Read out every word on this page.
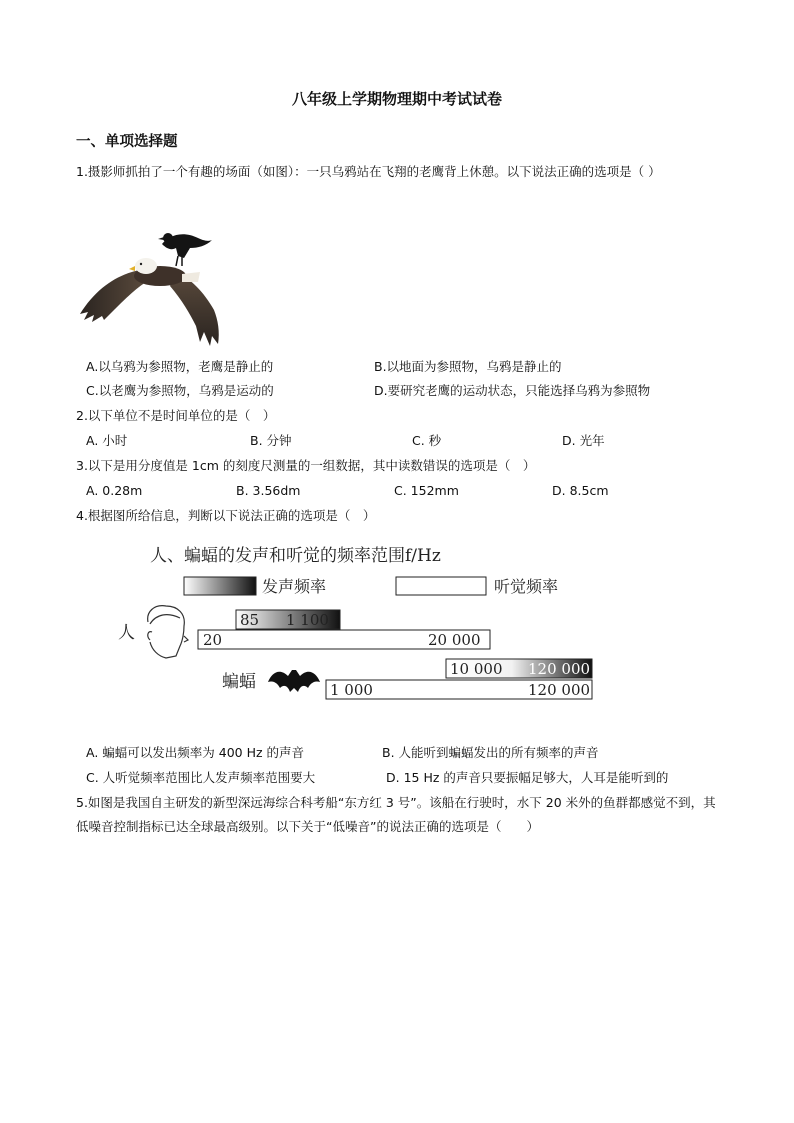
八年级上学期物理期中考试试卷
一、单项选择题
1.摄影师抓拍了一个有趣的场面（如图）：一只乌鸦站在飞翔的老鹰背上休憩。以下说法正确的选项是（ ）
A.以乌鸦为参照物，老鹰是静止的	B.以地面为参照物，乌鸦是静止的
C.以老鹰为参照物，乌鸦是运动的	D.要研究老鹰的运动状态，只能选择乌鸦为参照物
2.以下单位不是时间单位的是（　）
A. 小时	B. 分钟	C. 秒	D. 光年
3.以下是用分度值是 1cm 的刻度尺测量的一组数据，其中读数错误的选项是（　）
A. 0.28m	B. 3.56dm	C. 152mm	D. 8.5cm
4.根据图所给信息，判断以下说法正确的选项是（　）
人、蝙蝠的发声和听觉的频率范围f/Hz
发声频率	听觉频率
人
85 1 100
20	20 000
蝙蝠
10 000 120 000
1 000	120 000
A. 蝙蝠可以发出频率为 400 Hz 的声音	B. 人能听到蝙蝠发出的所有频率的声音
C. 人听觉频率范围比人发声频率范围要大	D. 15 Hz 的声音只要振幅足够大，人耳是能听到的
5.如图是我国自主研发的新型深远海综合科考船“东方红 3 号”。该船在行驶时，水下 20 米外的鱼群都感觉不到，其低噪音控制指标已达全球最高级别。以下关于“低噪音”的说法正确的选项是（　　）
